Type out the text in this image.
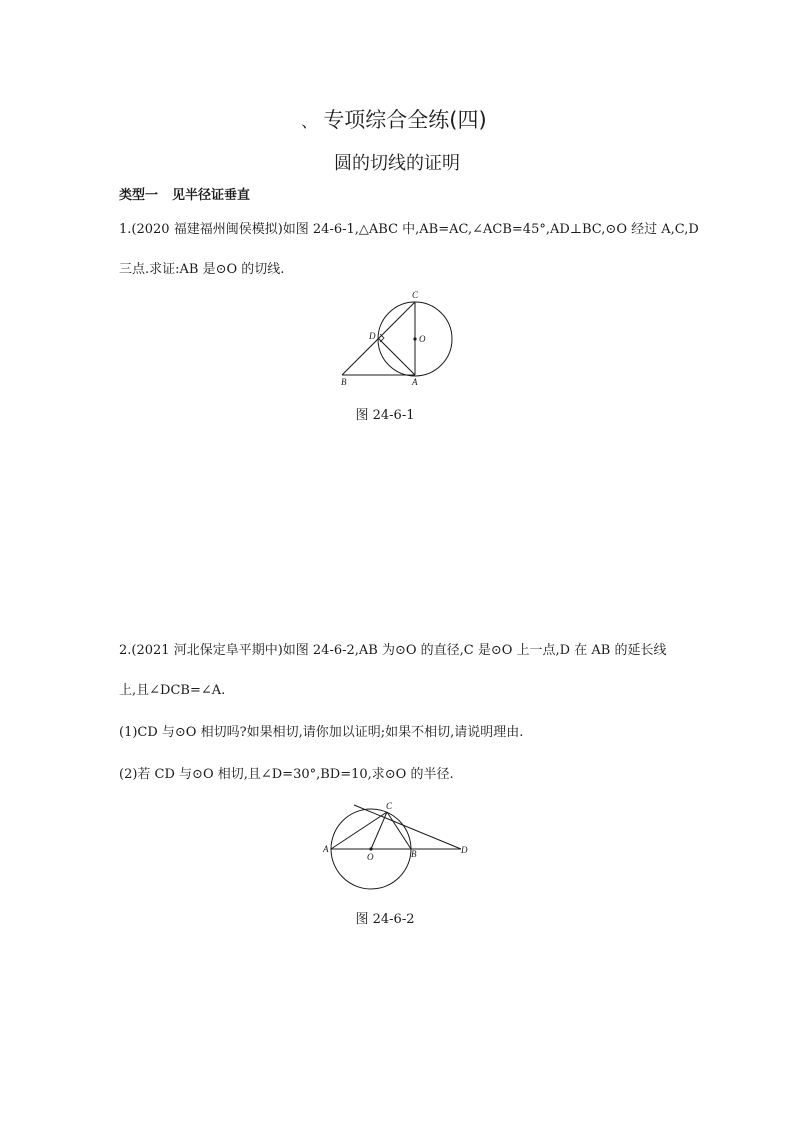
、 专项综合全练(四)
圆的切线的证明
类型一 见半径证垂直
1.(2020 福建福州闽侯模拟)如图 24-6-1,△ABC 中,AB=AC,∠ACB=45°,AD⊥BC,⊙O 经过 A,C,D
三点.求证:AB 是⊙O 的切线.
C
D	O
B	A
图 24-6-1
2.(2021 河北保定阜平期中)如图 24-6-2,AB 为⊙O 的直径,C 是⊙O 上一点,D 在 AB 的延长线
上,且∠DCB=∠A.
(1)CD 与⊙O 相切吗?如果相切,请你加以证明;如果不相切,请说明理由.
(2)若 CD 与⊙O 相切,且∠D=30°,BD=10,求⊙O 的半径.
C
A
O	B	D
图 24-6-2
